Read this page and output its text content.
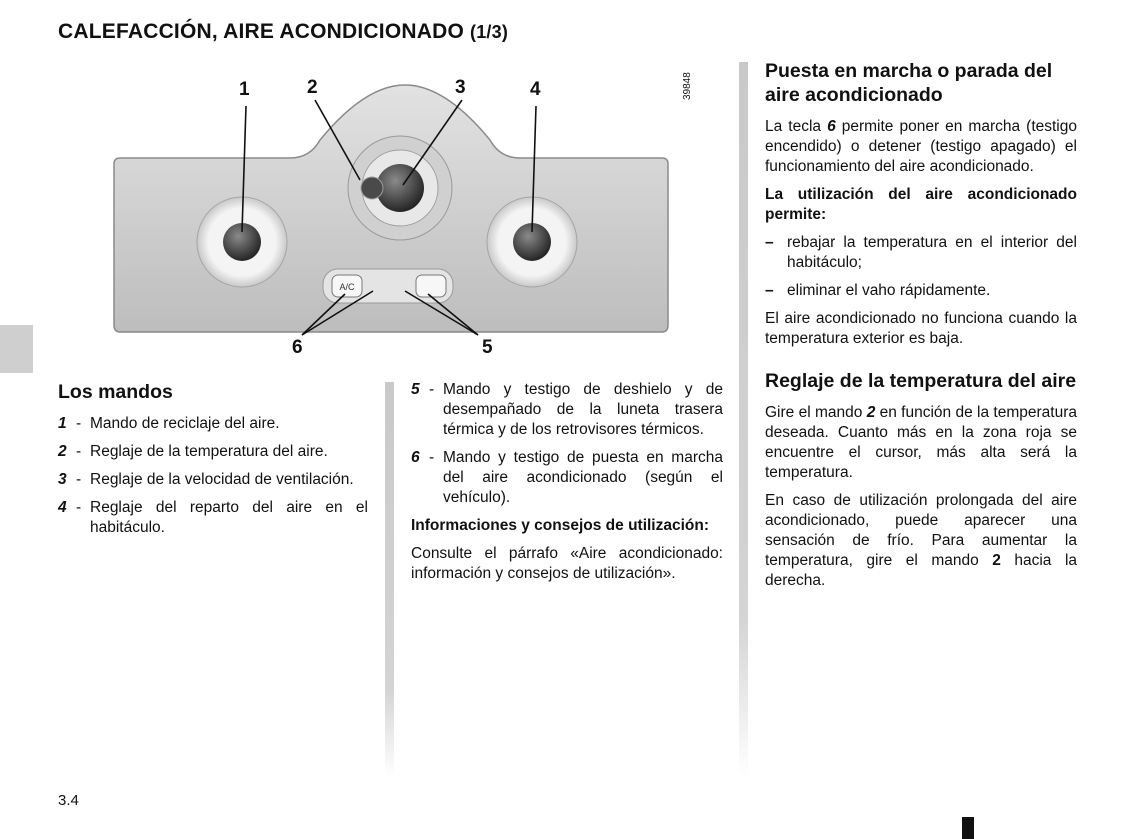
CALEFACCIÓN, AIRE ACONDICIONADO (1/3)
A/C
1	2	3	4
5
6
39848
Los mandos
1 - Mando de reciclaje del aire.
2 - Reglaje de la temperatura del aire.
3 - Reglaje de la velocidad de ventilación.
4 - Reglaje del reparto del aire en el habitáculo.
5 - Mando y testigo de deshielo y de desempañado de la luneta trasera térmica y de los retrovisores térmicos.
6 - Mando y testigo de puesta en marcha del aire acondicionado (según el vehículo).

Informaciones y consejos de utilización:

Consulte el párrafo «Aire acondicionado: información y consejos de utilización».

Puesta en marcha o parada del aire acondicionado

La tecla 6 permite poner en marcha (testigo encendido) o detener (testigo apagado) el funcionamiento del aire acondicionado.

La utilización del aire acondicionado permite:

– rebajar la temperatura en el interior del habitáculo;
– eliminar el vaho rápidamente.

El aire acondicionado no funciona cuando la temperatura exterior es baja.

Reglaje de la temperatura del aire

Gire el mando 2 en función de la temperatura deseada. Cuanto más en la zona roja se encuentre el cursor, más alta será la temperatura.

En caso de utilización prolongada del aire acondicionado, puede aparecer una sensación de frío. Para aumentar la temperatura, gire el mando 2 hacia la derecha.

3.4
